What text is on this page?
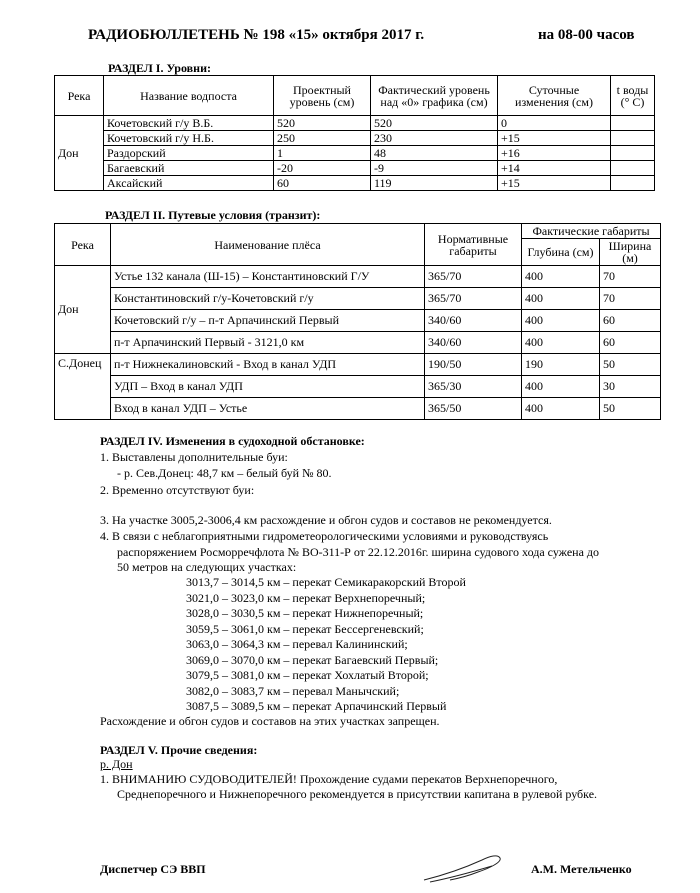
РАДИОБЮЛЛЕТЕНЬ № 198 «15» октября 2017 г.	на 08-00 часов
РАЗДЕЛ I. Уровни:
Река	Название водпоста	Проектный уровень (см)	Фактический уровень над «0» графика (см)	Суточные изменения (см)	t воды (° С)
Дон	Кочетовский г/у В.Б.	520	520	0	
	Кочетовский г/у Н.Б.	250	230	+15	
	Раздорский	1	48	+16	
	Багаевский	-20	-9	+14	
	Аксайский	60	119	+15	
РАЗДЕЛ II. Путевые условия (транзит):
Река	Наименование плёса	Нормативные габариты	Фактические габариты	
			Глубина (см)	Ширина (м)
Дон	Устье 132 канала (Ш-15) – Константиновский Г/У	365/70	400	70
	Константиновский г/у-Кочетовский г/у	365/70	400	70
	Кочетовский г/у – п-т Арпачинский Первый	340/60	400	60
	п-т Арпачинский Первый - 3121,0 км	340/60	400	60
С.Донец	п-т Нижнекалиновский - Вход в канал УДП	190/50	190	50
	УДП – Вход в канал УДП	365/30	400	30
	Вход в канал УДП – Устье	365/50	400	50
РАЗДЕЛ IV. Изменения в судоходной обстановке:
1. Выставлены дополнительные буи:
- р. Сев.Донец: 48,7 км – белый буй № 80.
2. Временно отсутствуют буи:
3. На участке 3005,2-3006,4 км расхождение и обгон судов и составов не рекомендуется.
4. В связи с неблагоприятными гидрометеорологическими условиями и руководствуясь
распоряжением Росморречфлота № ВО-311-Р от 22.12.2016г. ширина судового хода сужена до
50 метров на следующих участках:
3013,7 – 3014,5 км – перекат Семикаракорский Второй
3021,0 – 3023,0 км – перекат Верхнепоречный;
3028,0 – 3030,5 км – перекат Нижнепоречный;
3059,5 – 3061,0 км – перекат Бессергеневский;
3063,0 – 3064,3 км – перевал Калининский;
3069,0 – 3070,0 км – перекат Багаевский Первый;
3079,5 – 3081,0 км – перекат Хохлатый Второй;
3082,0 – 3083,7 км – перевал Манычский;
3087,5 – 3089,5 км – перекат Арпачинский Первый
Расхождение и обгон судов и составов на этих участках запрещен.
РАЗДЕЛ V. Прочие сведения:
р. Дон
1. ВНИМАНИЮ СУДОВОДИТЕЛЕЙ! Прохождение судами перекатов Верхнепоречного,
Среднепоречного и Нижнепоречного рекомендуется в присутствии капитана в рулевой рубке.
Диспетчер СЭ ВВП	А.М. Метельченко
